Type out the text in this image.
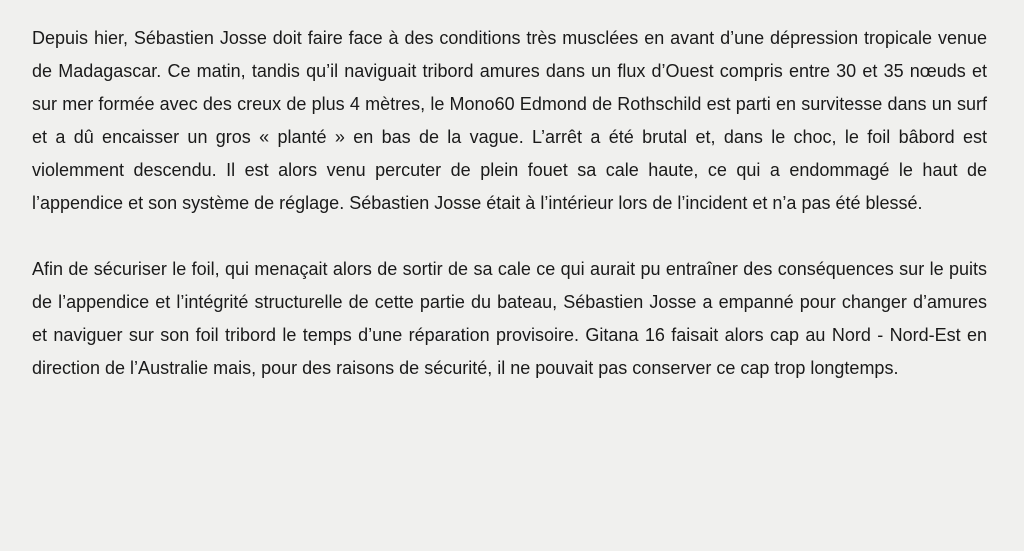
Depuis hier, Sébastien Josse doit faire face à des conditions très musclées en avant d’une dépression tropicale venue de Madagascar. Ce matin, tandis qu’il naviguait tribord amures dans un flux d’Ouest compris entre 30 et 35 nœuds et sur mer formée avec des creux de plus 4 mètres, le Mono60 Edmond de Rothschild est parti en survitesse dans un surf et a dû encaisser un gros « planté » en bas de la vague. L’arrêt a été brutal et, dans le choc, le foil bâbord est violemment descendu. Il est alors venu percuter de plein fouet sa cale haute, ce qui a endommagé le haut de l’appendice et son système de réglage. Sébastien Josse était à l’intérieur lors de l’incident et n’a pas été blessé.

Afin de sécuriser le foil, qui menaçait alors de sortir de sa cale ce qui aurait pu entraîner des conséquences sur le puits de l’appendice et l’intégrité structurelle de cette partie du bateau, Sébastien Josse a empanné pour changer d’amures et naviguer sur son foil tribord le temps d’une réparation provisoire. Gitana 16 faisait alors cap au Nord - Nord-Est en direction de l’Australie mais, pour des raisons de sécurité, il ne pouvait pas conserver ce cap trop longtemps.
